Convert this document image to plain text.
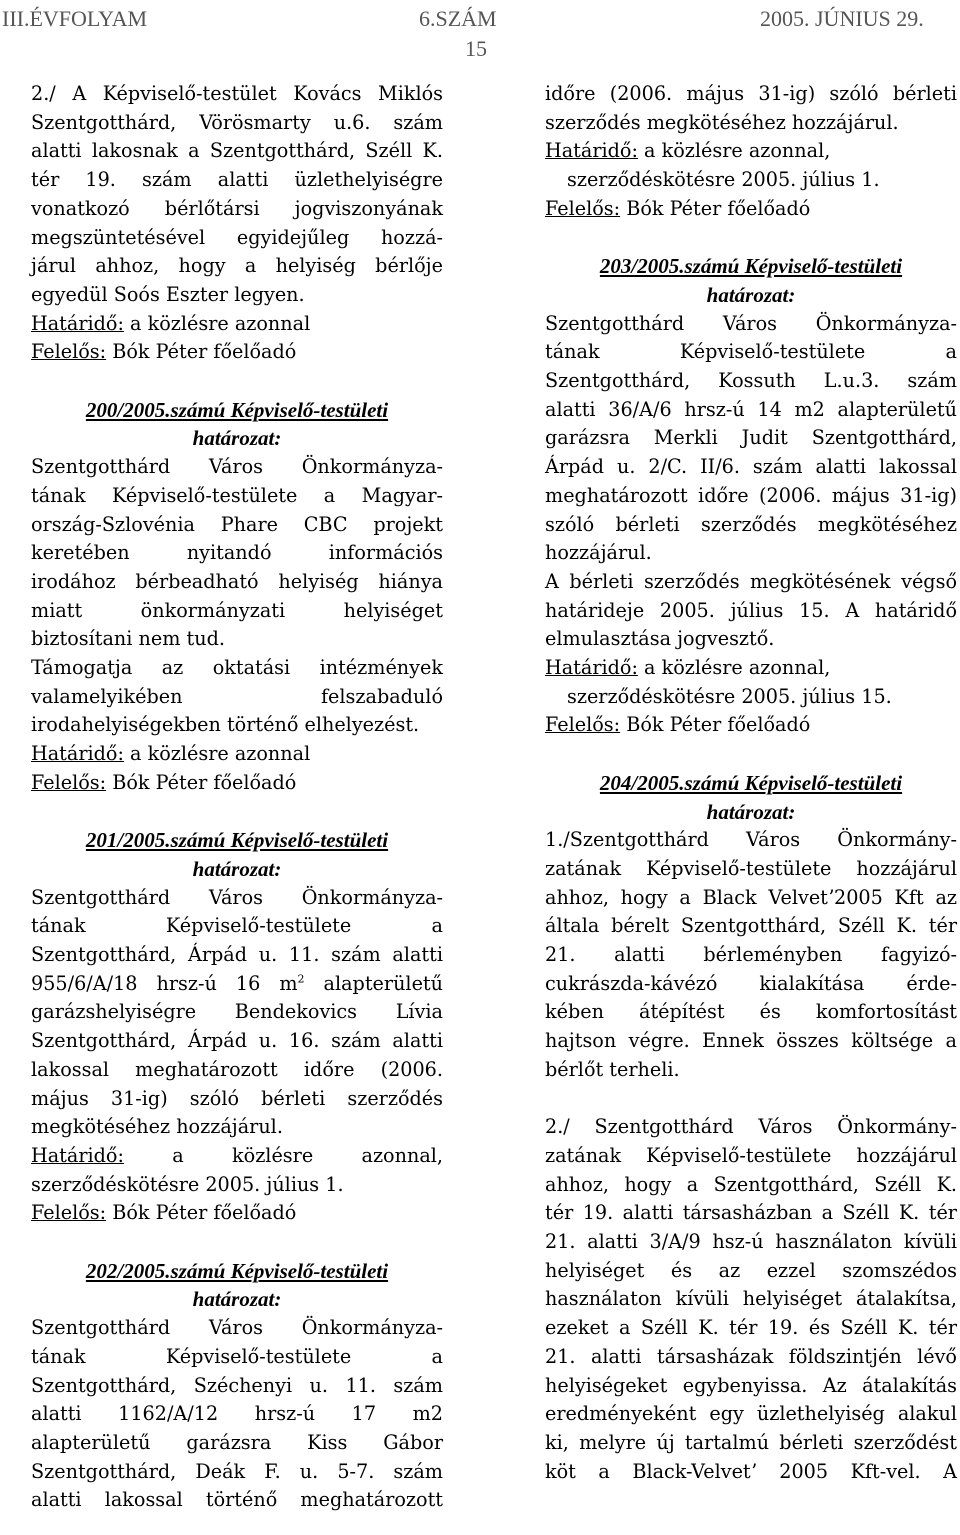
III.ÉVFOLYAM	6.SZÁM	2005. JÚNIUS 29.
15
2./ A Képviselő-testület Kovács Miklós
Szentgotthárd, Vörösmarty u.6. szám
alatti lakosnak a Szentgotthárd, Széll K.
tér 19. szám alatti üzlethelyiségre
vonatkozó bérlőtársi jogviszonyának
megszüntetésével egyidejűleg hozzá-
járul ahhoz, hogy a helyiség bérlője
egyedül Soós Eszter legyen.
Határidő: a közlésre azonnal
Felelős: Bók Péter főelőadó
200/2005.számú Képviselő-testületi
határozat:
Szentgotthárd Város Önkormányza-
tának Képviselő-testülete a Magyar-
ország-Szlovénia Phare CBC projekt
keretében nyitandó információs
irodához bérbeadható helyiség hiánya
miatt önkormányzati helyiséget
biztosítani nem tud.
Támogatja az oktatási intézmények
valamelyikében felszabaduló
irodahelyiségekben történő elhelyezést.
Határidő: a közlésre azonnal
Felelős: Bók Péter főelőadó
201/2005.számú Képviselő-testületi
határozat:
Szentgotthárd Város Önkormányza-
tának Képviselő-testülete a
Szentgotthárd, Árpád u. 11. szám alatti
955/6/A/18 hrsz-ú 16 $m^2$ alapterületű
garázshelyiségre Bendekovics Lívia
Szentgotthárd, Árpád u. 16. szám alatti
lakossal meghatározott időre (2006.
május 31-ig) szóló bérleti szerződés
megkötéséhez hozzájárul.
Határidő: a közlésre azonnal,
szerződéskötésre 2005. július 1.
Felelős: Bók Péter főelőadó
202/2005.számú Képviselő-testületi
határozat:
Szentgotthárd Város Önkormányza-
tának Képviselő-testülete a
Szentgotthárd, Széchenyi u. 11. szám
alatti 1162/A/12 hrsz-ú 17 m2
alapterületű garázsra Kiss Gábor
Szentgotthárd, Deák F. u. 5-7. szám
alatti lakossal történő meghatározott
időre (2006. május 31-ig) szóló bérleti
szerződés megkötéséhez hozzájárul.
Határidő: a közlésre azonnal,
szerződéskötésre 2005. július 1.
Felelős: Bók Péter főelőadó
203/2005.számú Képviselő-testületi
határozat:
Szentgotthárd Város Önkormányza-
tának Képviselő-testülete a
Szentgotthárd, Kossuth L.u.3. szám
alatti 36/A/6 hrsz-ú 14 m2 alapterületű
garázsra Merkli Judit Szentgotthárd,
Árpád u. 2/C. II/6. szám alatti lakossal
meghatározott időre (2006. május 31-ig)
szóló bérleti szerződés megkötéséhez
hozzájárul.
A bérleti szerződés megkötésének végső
határideje 2005. július 15. A határidő
elmulasztása jogvesztő.
Határidő: a közlésre azonnal,
szerződéskötésre 2005. július 15.
Felelős: Bók Péter főelőadó
204/2005.számú Képviselő-testületi
határozat:
1./Szentgotthárd Város Önkormány-
zatának Képviselő-testülete hozzájárul
ahhoz, hogy a Black Velvetʼ2005 Kft az
általa bérelt Szentgotthárd, Széll K. tér
21. alatti bérleményben fagyizó-
cukrászda-kávézó kialakítása érde-
kében átépítést és komfortosítást
hajtson végre. Ennek összes költsége a
bérlőt terheli.
2./ Szentgotthárd Város Önkormány-
zatának Képviselő-testülete hozzájárul
ahhoz, hogy a Szentgotthárd, Széll K.
tér 19. alatti társasházban a Széll K. tér
21. alatti 3/A/9 hsz-ú használaton kívüli
helyiséget és az ezzel szomszédos
használaton kívüli helyiséget átalakítsa,
ezeket a Széll K. tér 19. és Széll K. tér
21. alatti társasházak földszintjén lévő
helyiségeket egybenyissa. Az átalakítás
eredményeként egy üzlethelyiség alakul
ki, melyre új tartalmú bérleti szerződést
köt a Black-Velvetʼ 2005 Kft-vel. A
